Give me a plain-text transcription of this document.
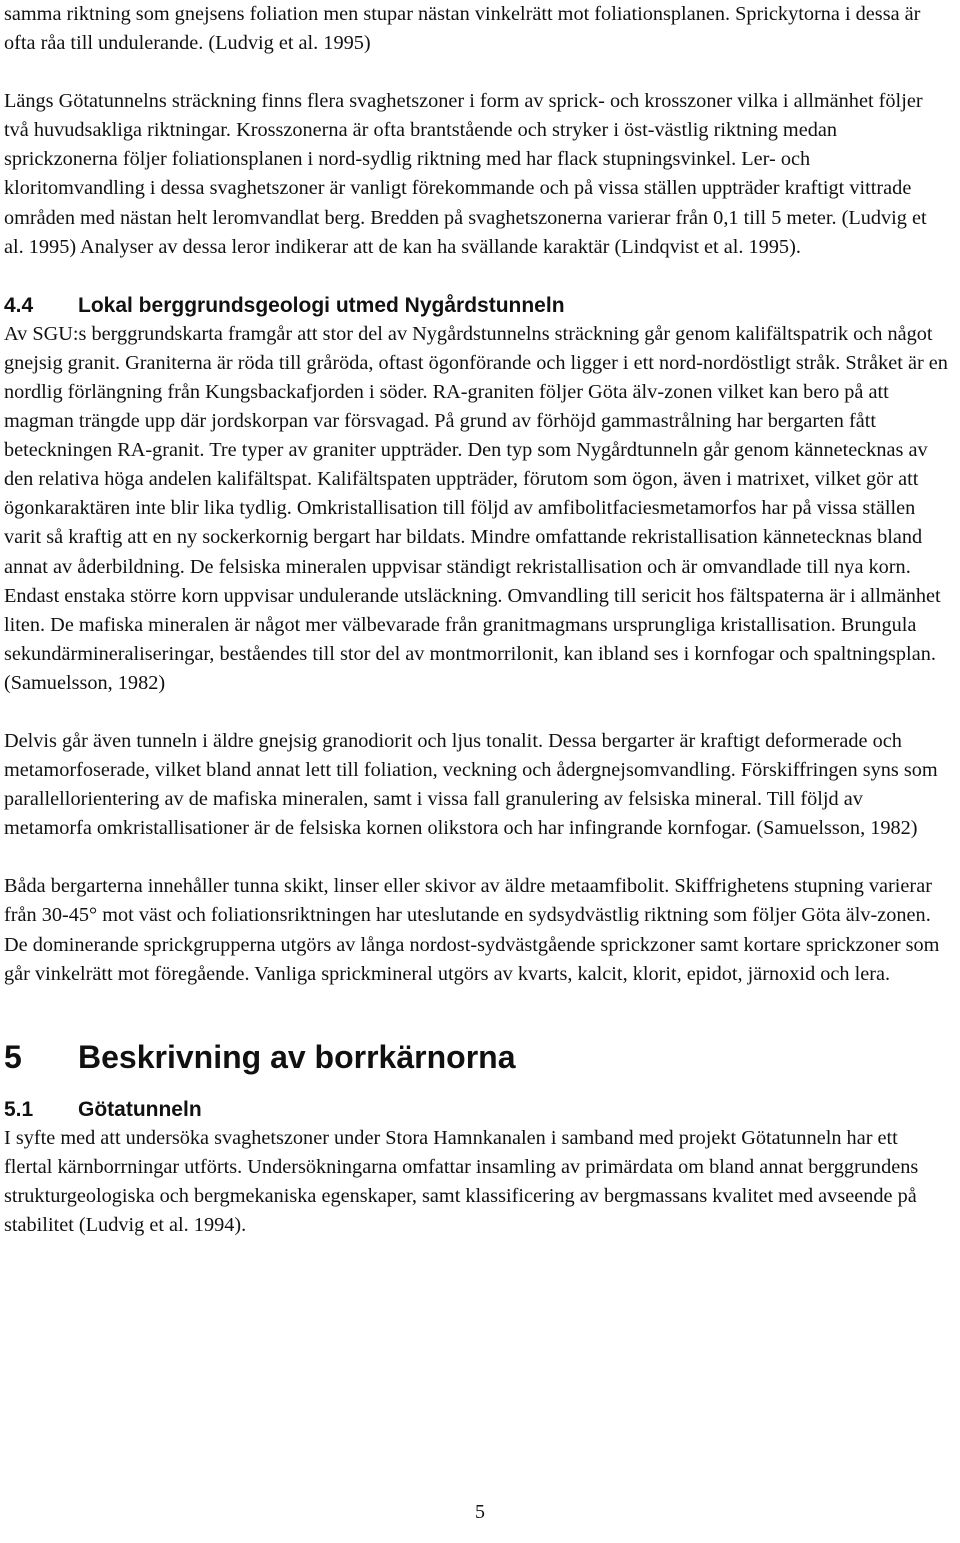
samma riktning som gnejsens foliation men stupar nästan vinkelrätt mot foliationsplanen. Sprickytorna i dessa är ofta råa till undulerande. (Ludvig et al. 1995)

Längs Götatunnelns sträckning finns flera svaghetszoner i form av sprick- och krosszoner vilka i allmänhet följer två huvudsakliga riktningar. Krosszonerna är ofta brantstående och stryker i öst-västlig riktning medan sprickzonerna följer foliationsplanen i nord-sydlig riktning med har flack stupningsvinkel. Ler- och kloritomvandling i dessa svaghetszoner är vanligt förekommande och på vissa ställen uppträder kraftigt vittrade områden med nästan helt leromvandlat berg. Bredden på svaghetszonerna varierar från 0,1 till 5 meter. (Ludvig et al. 1995) Analyser av dessa leror indikerar att de kan ha svällande karaktär (Lindqvist et al. 1995).

4.4	Lokal berggrundsgeologi utmed Nygårdstunneln

Av SGU:s berggrundskarta framgår att stor del av Nygårdstunnelns sträckning går genom kalifältspatrik och något gnejsig granit. Graniterna är röda till gråröda, oftast ögonförande och ligger i ett nord-nordöstligt stråk. Stråket är en nordlig förlängning från Kungsbackafjorden i söder. RA-graniten följer Göta älv-zonen vilket kan bero på att magman trängde upp där jordskorpan var försvagad. På grund av förhöjd gammastrålning har bergarten fått beteckningen RA-granit. Tre typer av graniter uppträder. Den typ som Nygårdtunneln går genom kännetecknas av den relativa höga andelen kalifältspat. Kalifältspaten uppträder, förutom som ögon, även i matrixet, vilket gör att ögonkaraktären inte blir lika tydlig. Omkristallisation till följd av amfibolitfaciesmetamorfos har på vissa ställen varit så kraftig att en ny sockerkornig bergart har bildats. Mindre omfattande rekristallisation kännetecknas bland annat av åderbildning. De felsiska mineralen uppvisar ständigt rekristallisation och är omvandlade till nya korn. Endast enstaka större korn uppvisar undulerande utsläckning. Omvandling till sericit hos fältspaterna är i allmänhet liten. De mafiska mineralen är något mer välbevarade från granitmagmans ursprungliga kristallisation. Brungula sekundärmineraliseringar, beståendes till stor del av montmorrilonit, kan ibland ses i kornfogar och spaltningsplan. (Samuelsson, 1982)

Delvis går även tunneln i äldre gnejsig granodiorit och ljus tonalit. Dessa bergarter är kraftigt deformerade och metamorfoserade, vilket bland annat lett till foliation, veckning och ådergnejsomvandling. Förskiffringen syns som parallellorientering av de mafiska mineralen, samt i vissa fall granulering av felsiska mineral. Till följd av metamorfa omkristallisationer är de felsiska kornen olikstora och har infingrande kornfogar. (Samuelsson, 1982)

Båda bergarterna innehåller tunna skikt, linser eller skivor av äldre metaamfibolit. Skiffrighetens stupning varierar från 30-45° mot väst och foliationsriktningen har uteslutande en sydsydvästlig riktning som följer Göta älv-zonen. De dominerande sprickgrupperna utgörs av långa nordost-sydvästgående sprickzoner samt kortare sprickzoner som går vinkelrätt mot föregående. Vanliga sprickmineral utgörs av kvarts, kalcit, klorit, epidot, järnoxid och lera.

5	Beskrivning av borrkärnorna
5.1	Götatunneln

I syfte med att undersöka svaghetszoner under Stora Hamnkanalen i samband med projekt Götatunneln har ett flertal kärnborrningar utförts. Undersökningarna omfattar insamling av primärdata om bland annat berggrundens strukturgeologiska och bergmekaniska egenskaper, samt klassificering av bergmassans kvalitet med avseende på stabilitet (Ludvig et al. 1994).

5
